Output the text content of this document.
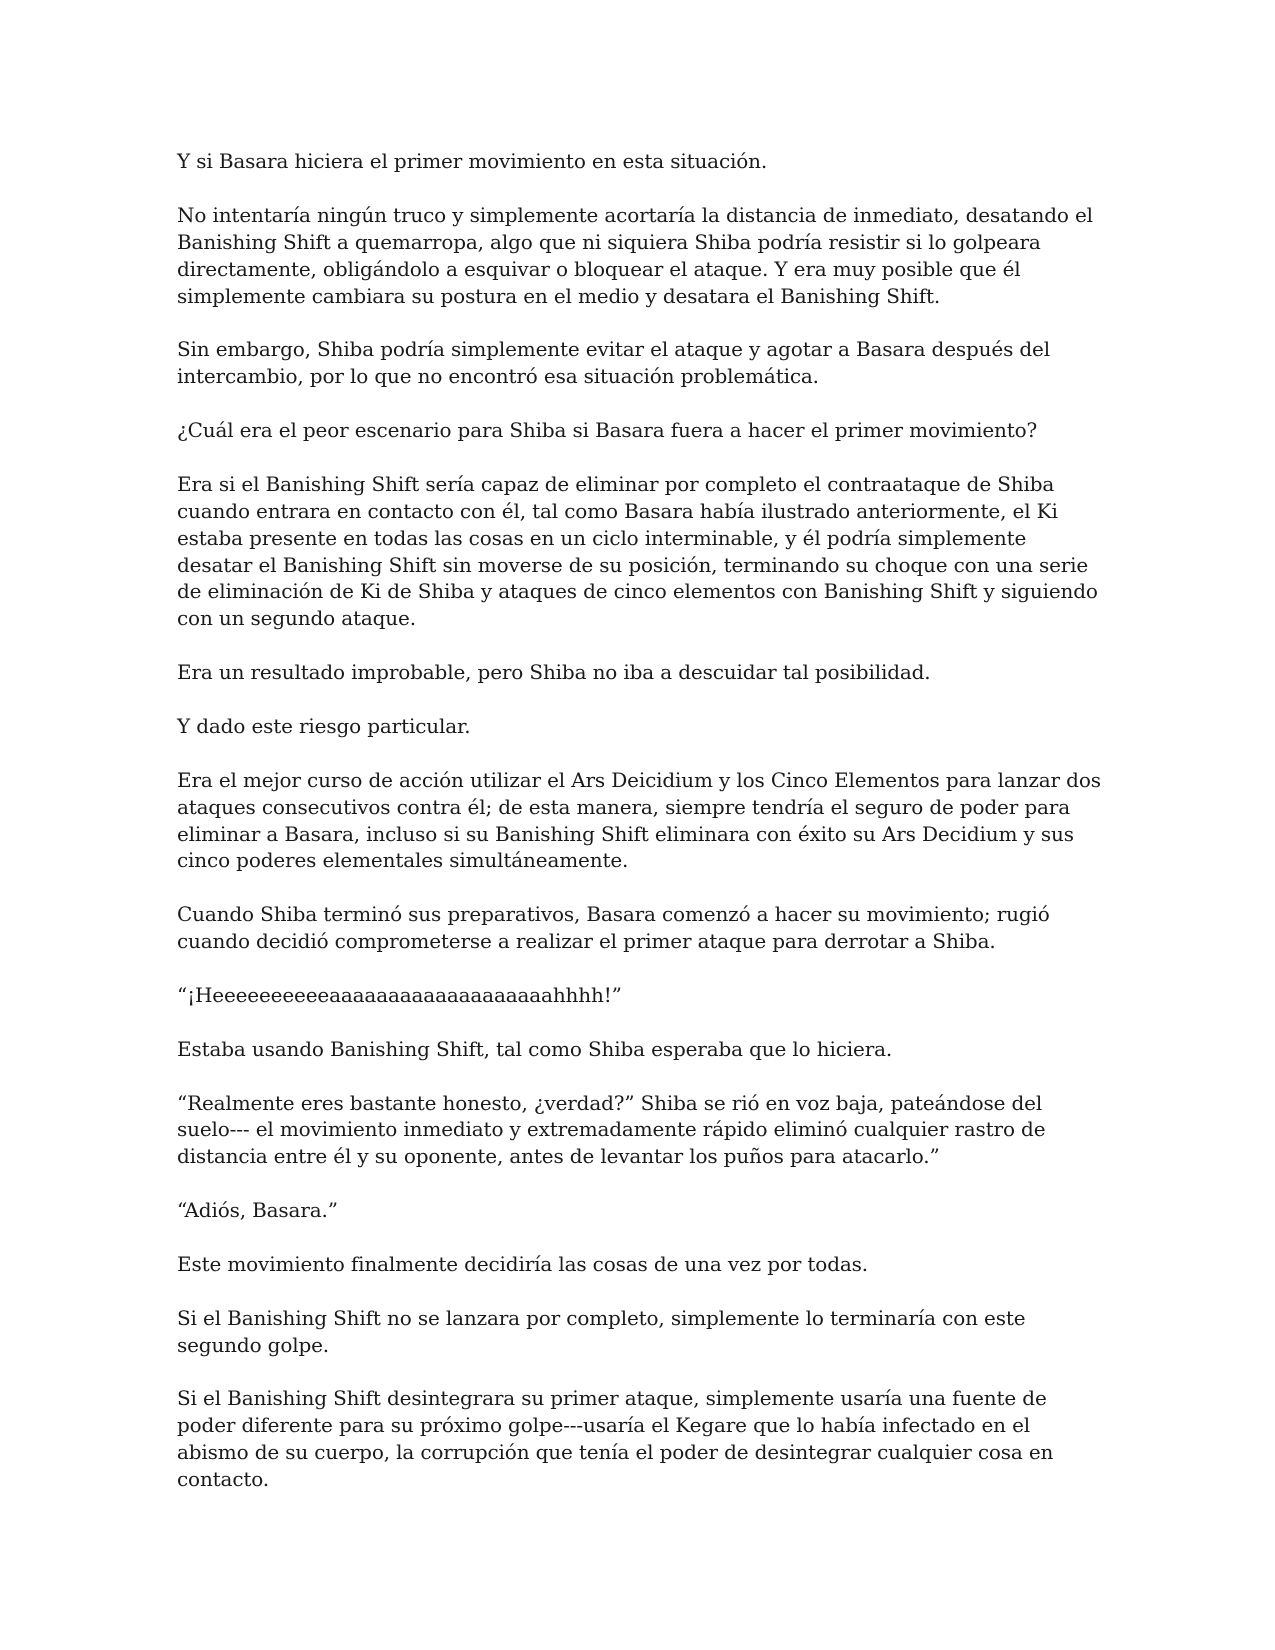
Y si Basara hiciera el primer movimiento en esta situación.

No intentaría ningún truco y simplemente acortaría la distancia de inmediato, desatando el Banishing Shift a quemarropa, algo que ni siquiera Shiba podría resistir si lo golpeara directamente, obligándolo a esquivar o bloquear el ataque. Y era muy posible que él simplemente cambiara su postura en el medio y desatara el Banishing Shift.

Sin embargo, Shiba podría simplemente evitar el ataque y agotar a Basara después del intercambio, por lo que no encontró esa situación problemática.

¿Cuál era el peor escenario para Shiba si Basara fuera a hacer el primer movimiento?

Era si el Banishing Shift sería capaz de eliminar por completo el contraataque de Shiba cuando entrara en contacto con él, tal como Basara había ilustrado anteriormente, el Ki estaba presente en todas las cosas en un ciclo interminable, y él podría simplemente desatar el Banishing Shift sin moverse de su posición, terminando su choque con una serie de eliminación de Ki de Shiba y ataques de cinco elementos con Banishing Shift y siguiendo con un segundo ataque.

Era un resultado improbable, pero Shiba no iba a descuidar tal posibilidad.

Y dado este riesgo particular.

Era el mejor curso de acción utilizar el Ars Deicidium y los Cinco Elementos para lanzar dos ataques consecutivos contra él; de esta manera, siempre tendría el seguro de poder para eliminar a Basara, incluso si su Banishing Shift eliminara con éxito su Ars Decidium y sus cinco poderes elementales simultáneamente.

Cuando Shiba terminó sus preparativos, Basara comenzó a hacer su movimiento; rugió cuando decidió comprometerse a realizar el primer ataque para derrotar a Shiba.

“¡Heeeeeeeeeeaaaaaaaaaaaaaaaaaaahhhh!”

Estaba usando Banishing Shift, tal como Shiba esperaba que lo hiciera.

“Realmente eres bastante honesto, ¿verdad?” Shiba se rió en voz baja, pateándose del suelo--- el movimiento inmediato y extremadamente rápido eliminó cualquier rastro de distancia entre él y su oponente, antes de levantar los puños para atacarlo.”

“Adiós, Basara.”

Este movimiento finalmente decidiría las cosas de una vez por todas.

Si el Banishing Shift no se lanzara por completo, simplemente lo terminaría con este segundo golpe.

Si el Banishing Shift desintegrara su primer ataque, simplemente usaría una fuente de poder diferente para su próximo golpe---usaría el Kegare que lo había infectado en el abismo de su cuerpo, la corrupción que tenía el poder de desintegrar cualquier cosa en contacto.
